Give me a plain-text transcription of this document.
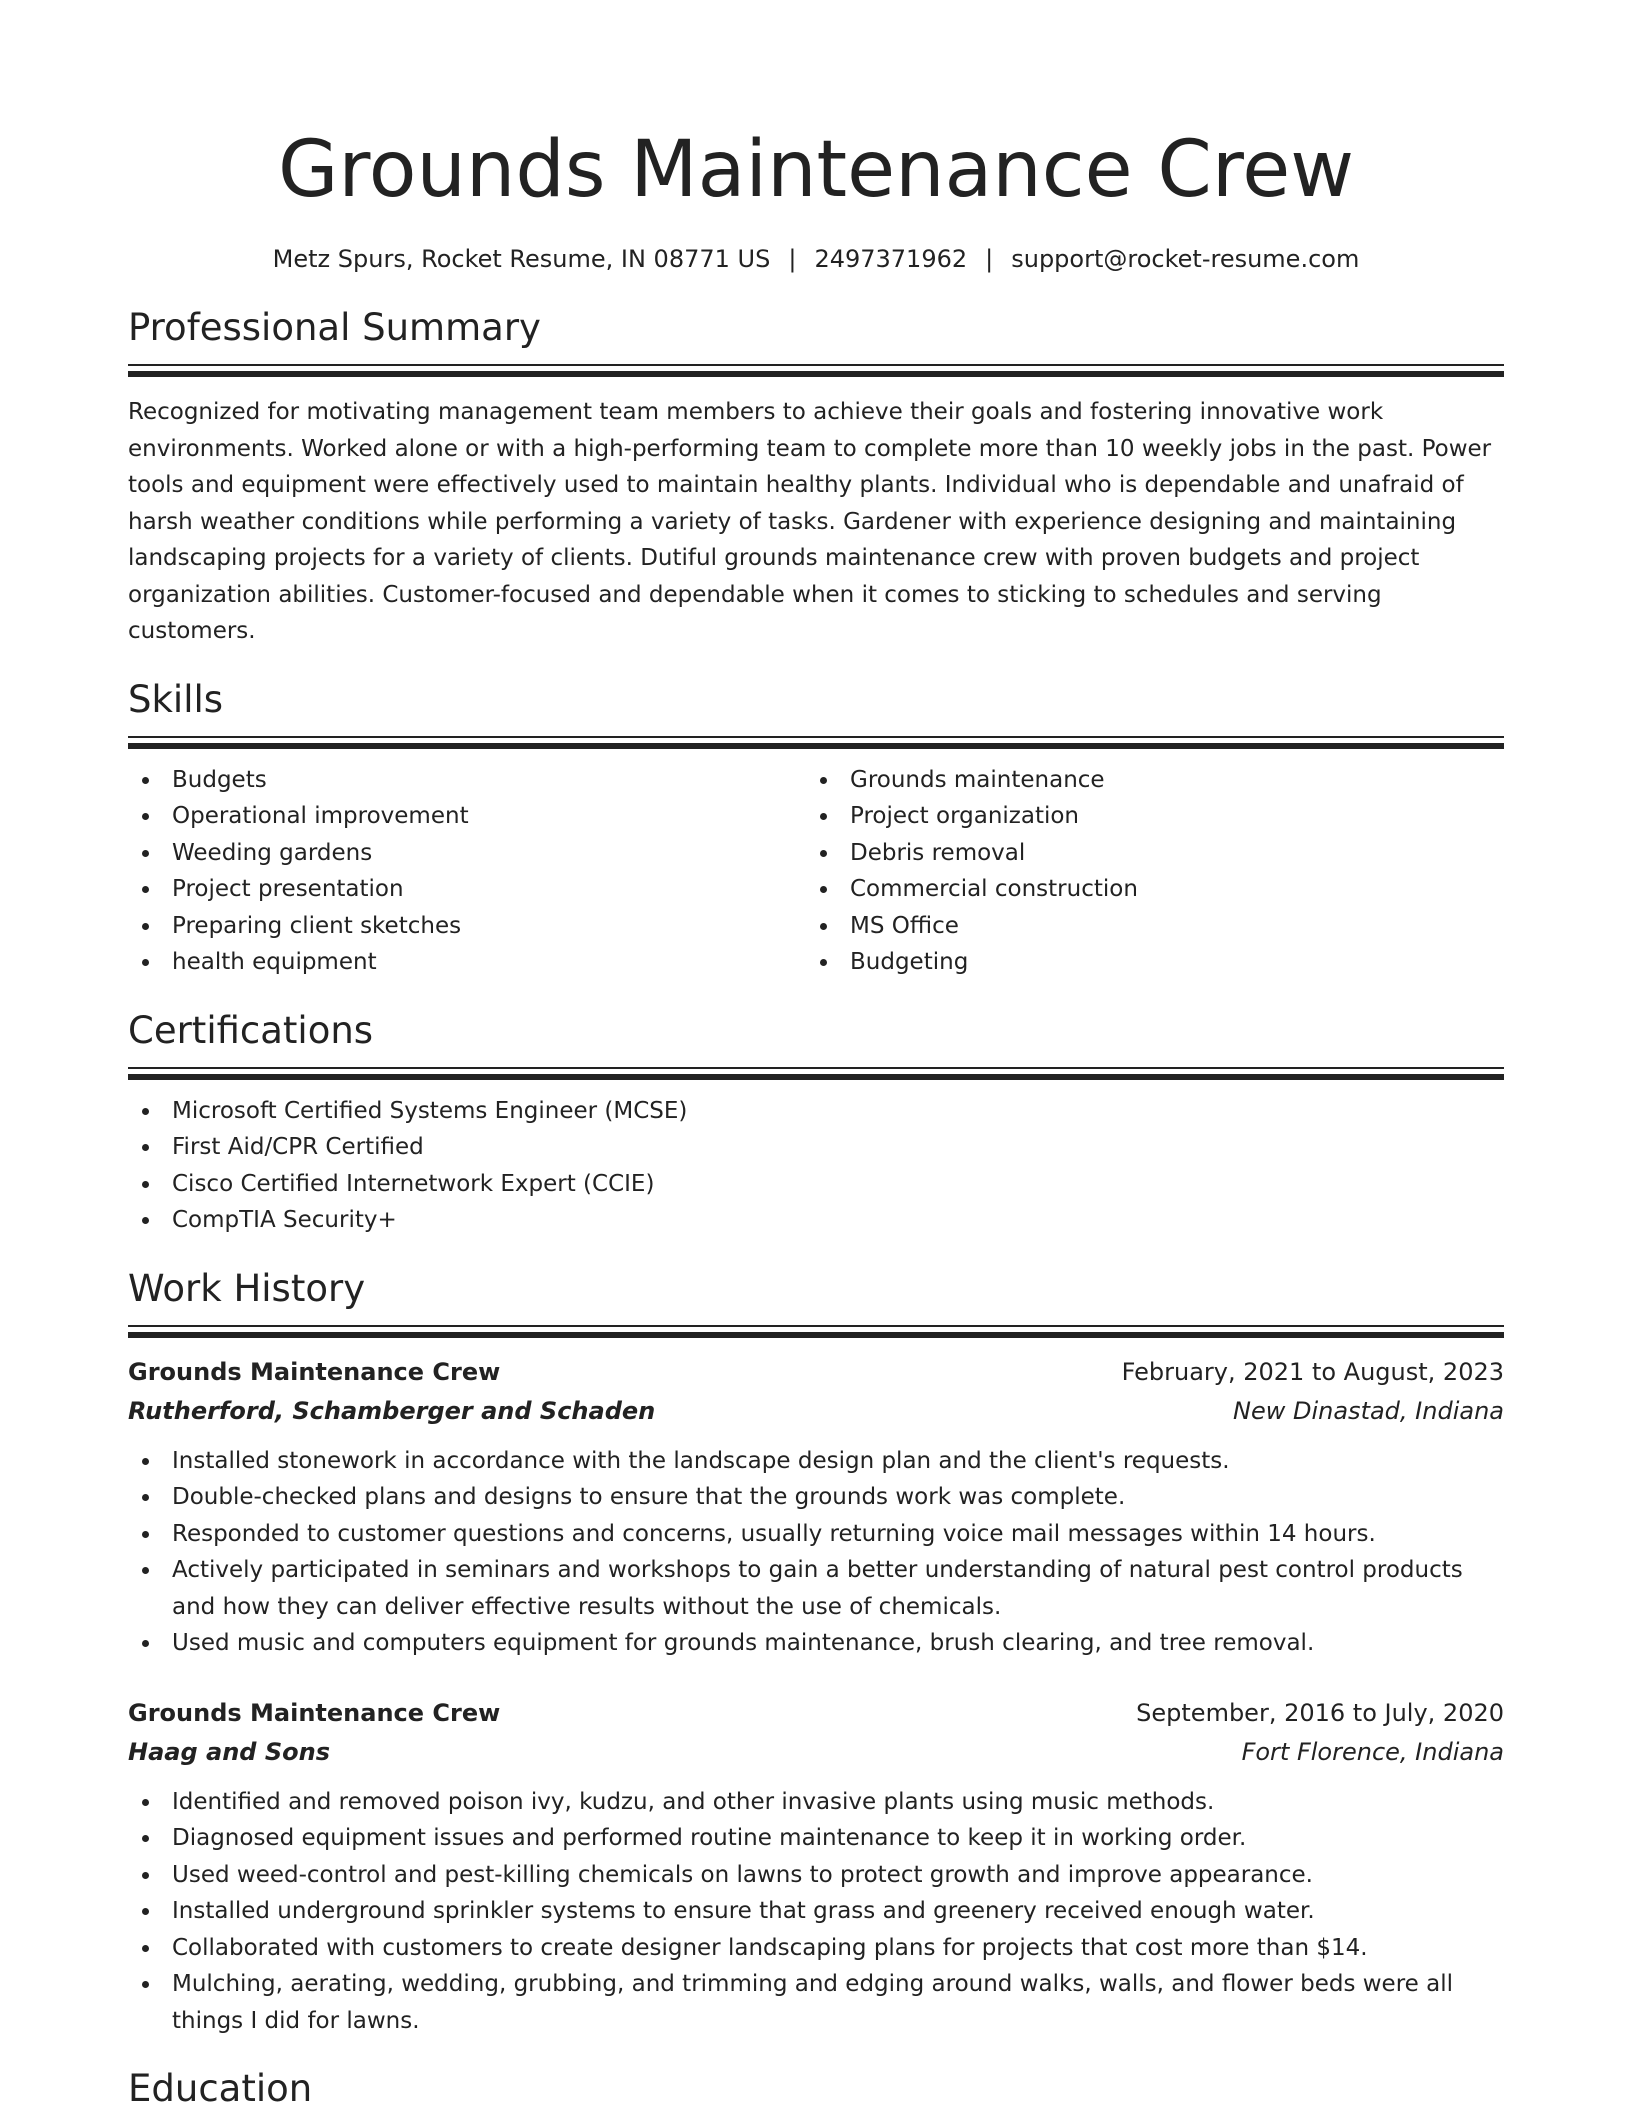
Grounds Maintenance Crew
Metz Spurs, Rocket Resume, IN 08771 US | 2497371962 | support@rocket-resume.com
Professional Summary
Recognized for motivating management team members to achieve their goals and fostering innovative work environments. Worked alone or with a high-performing team to complete more than 10 weekly jobs in the past. Power tools and equipment were effectively used to maintain healthy plants. Individual who is dependable and unafraid of harsh weather conditions while performing a variety of tasks. Gardener with experience designing and maintaining landscaping projects for a variety of clients. Dutiful grounds maintenance crew with proven budgets and project organization abilities. Customer-focused and dependable when it comes to sticking to schedules and serving customers.
Skills
Budgets
Operational improvement
Weeding gardens
Project presentation
Preparing client sketches
health equipment
Grounds maintenance
Project organization
Debris removal
Commercial construction
MS Office
Budgeting
Certifications
Microsoft Certified Systems Engineer (MCSE)
First Aid/CPR Certified
Cisco Certified Internetwork Expert (CCIE)
CompTIA Security+
Work History
Grounds Maintenance Crew	February, 2021 to August, 2023
Rutherford, Schamberger and Schaden	New Dinastad, Indiana
Installed stonework in accordance with the landscape design plan and the client's requests.
Double-checked plans and designs to ensure that the grounds work was complete.
Responded to customer questions and concerns, usually returning voice mail messages within 14 hours.
Actively participated in seminars and workshops to gain a better understanding of natural pest control products and how they can deliver effective results without the use of chemicals.
Used music and computers equipment for grounds maintenance, brush clearing, and tree removal.
Grounds Maintenance Crew	September, 2016 to July, 2020
Haag and Sons	Fort Florence, Indiana
Identified and removed poison ivy, kudzu, and other invasive plants using music methods.
Diagnosed equipment issues and performed routine maintenance to keep it in working order.
Used weed-control and pest-killing chemicals on lawns to protect growth and improve appearance.
Installed underground sprinkler systems to ensure that grass and greenery received enough water.
Collaborated with customers to create designer landscaping plans for projects that cost more than $14.
Mulching, aerating, wedding, grubbing, and trimming and edging around walks, walls, and flower beds were all things I did for lawns.
Education
